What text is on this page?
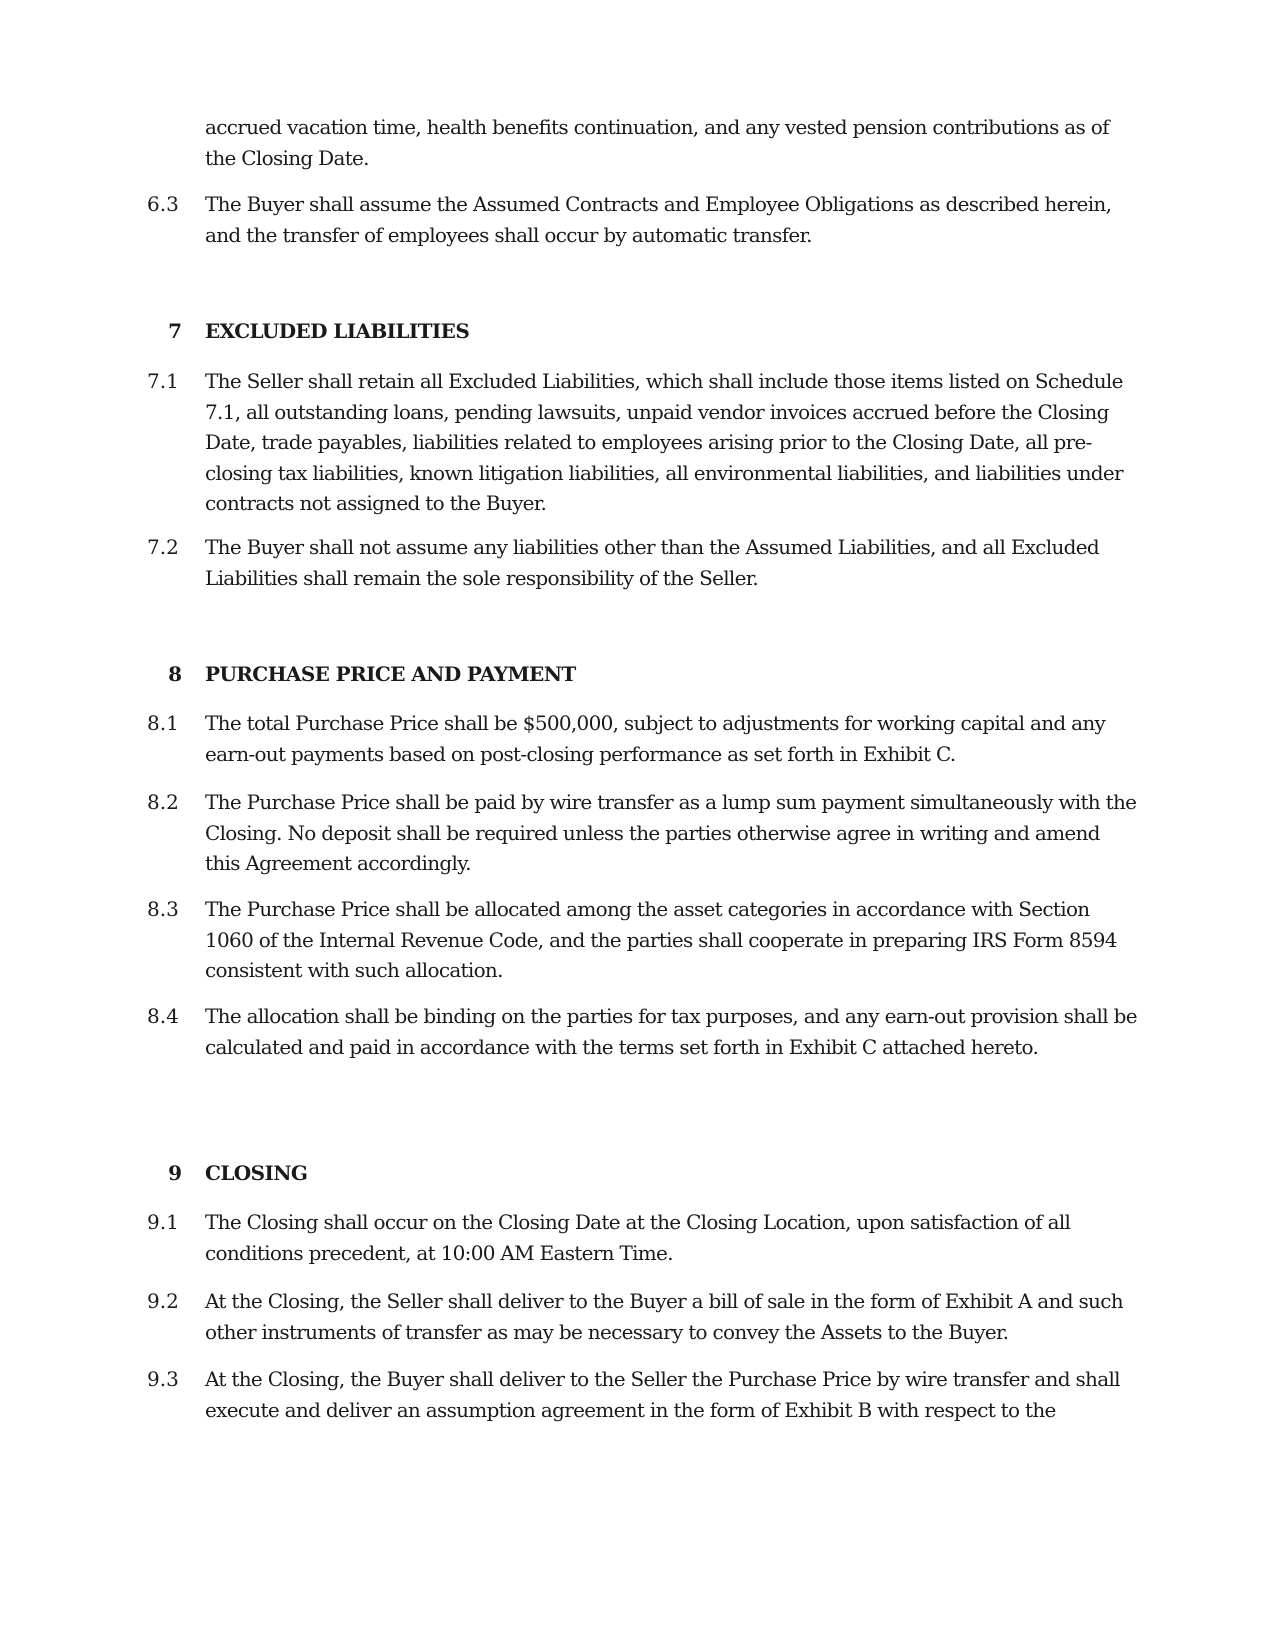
accrued vacation time, health benefits continuation, and any vested pension contributions as of the Closing Date.
6.3	The Buyer shall assume the Assumed Contracts and Employee Obligations as described herein, and the transfer of employees shall occur by automatic transfer.
7 EXCLUDED LIABILITIES
7.1	The Seller shall retain all Excluded Liabilities, which shall include those items listed on Schedule 7.1, all outstanding loans, pending lawsuits, unpaid vendor invoices accrued before the Closing Date, trade payables, liabilities related to employees arising prior to the Closing Date, all pre-closing tax liabilities, known litigation liabilities, all environmental liabilities, and liabilities under contracts not assigned to the Buyer.
7.2	The Buyer shall not assume any liabilities other than the Assumed Liabilities, and all Excluded Liabilities shall remain the sole responsibility of the Seller.
8 PURCHASE PRICE AND PAYMENT
8.1	The total Purchase Price shall be $500,000, subject to adjustments for working capital and any earn-out payments based on post-closing performance as set forth in Exhibit C.
8.2	The Purchase Price shall be paid by wire transfer as a lump sum payment simultaneously with the Closing. No deposit shall be required unless the parties otherwise agree in writing and amend this Agreement accordingly.
8.3	The Purchase Price shall be allocated among the asset categories in accordance with Section 1060 of the Internal Revenue Code, and the parties shall cooperate in preparing IRS Form 8594 consistent with such allocation.
8.4	The allocation shall be binding on the parties for tax purposes, and any earn-out provision shall be calculated and paid in accordance with the terms set forth in Exhibit C attached hereto.
9 CLOSING
9.1	The Closing shall occur on the Closing Date at the Closing Location, upon satisfaction of all conditions precedent, at 10:00 AM Eastern Time.
9.2	At the Closing, the Seller shall deliver to the Buyer a bill of sale in the form of Exhibit A and such other instruments of transfer as may be necessary to convey the Assets to the Buyer.
9.3	At the Closing, the Buyer shall deliver to the Seller the Purchase Price by wire transfer and shall execute and deliver an assumption agreement in the form of Exhibit B with respect to the
